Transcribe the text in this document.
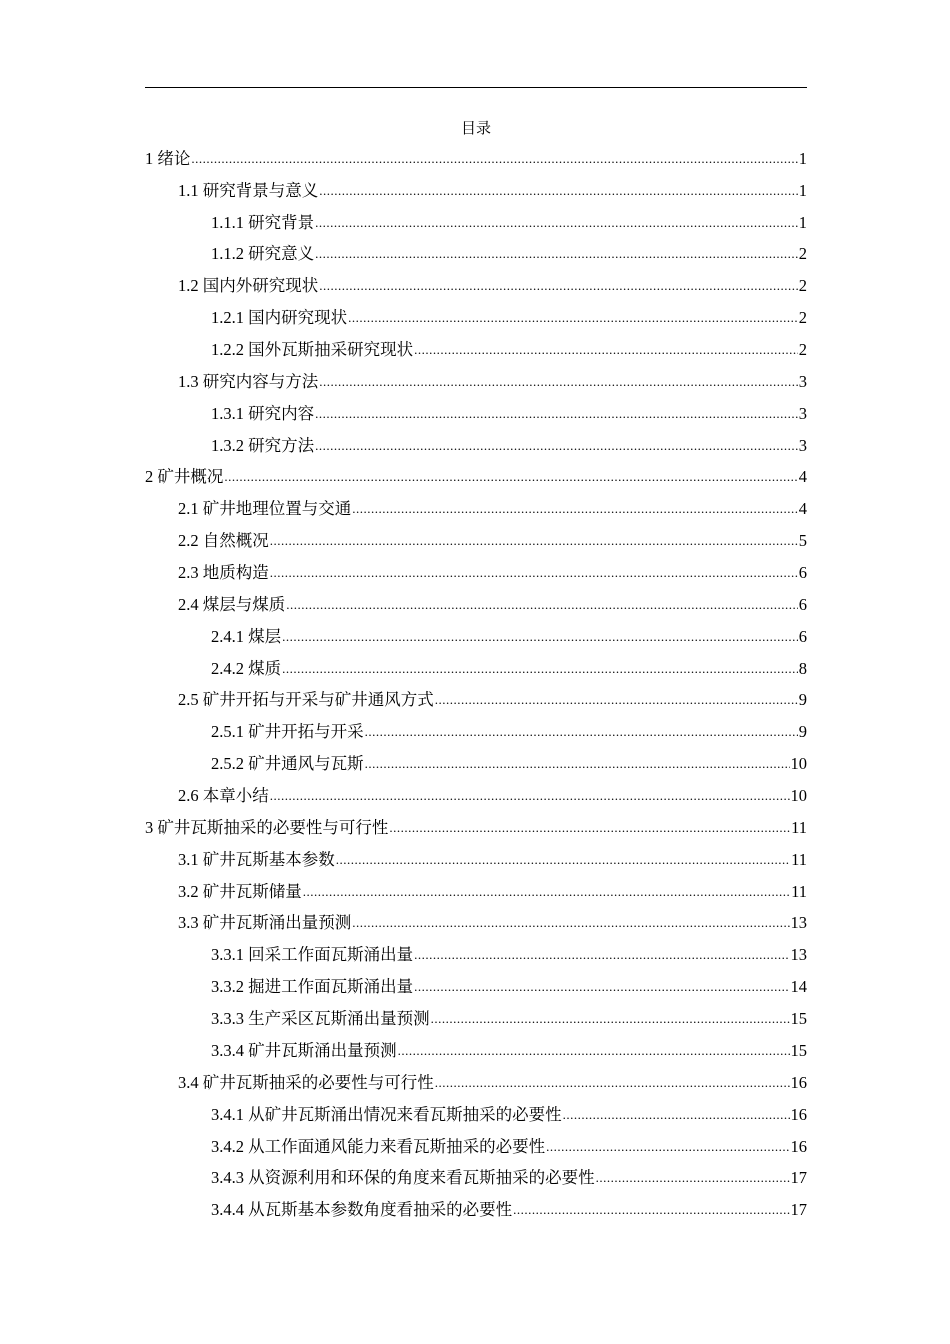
目录
1 绪论 .....	1
1.1 研究背景与意义 .....	1
1.1.1 研究背景 .....	1
1.1.2 研究意义 .....	2
1.2 国内外研究现状 .....	2
1.2.1 国内研究现状 .....	2
1.2.2 国外瓦斯抽采研究现状 .....	2
1.3 研究内容与方法 .....	3
1.3.1 研究内容 .....	3
1.3.2 研究方法 .....	3
2 矿井概况 .....	4
2.1 矿井地理位置与交通 .....	4
2.2 自然概况 .....	5
2.3 地质构造 .....	6
2.4 煤层与煤质 .....	6
2.4.1 煤层 .....	6
2.4.2 煤质 .....	8
2.5 矿井开拓与开采与矿井通风方式 .....	9
2.5.1 矿井开拓与开采 .....	9
2.5.2 矿井通风与瓦斯 .....	10
2.6 本章小结 .....	10
3 矿井瓦斯抽采的必要性与可行性 .....	11
3.1 矿井瓦斯基本参数 .....	11
3.2 矿井瓦斯储量 .....	11
3.3 矿井瓦斯涌出量预测 .....	13
3.3.1 回采工作面瓦斯涌出量 .....	13
3.3.2 掘进工作面瓦斯涌出量 .....	14
3.3.3 生产采区瓦斯涌出量预测 .....	15
3.3.4 矿井瓦斯涌出量预测 .....	15
3.4 矿井瓦斯抽采的必要性与可行性 .....	16
3.4.1 从矿井瓦斯涌出情况来看瓦斯抽采的必要性 .....	16
3.4.2 从工作面通风能力来看瓦斯抽采的必要性 .....	16
3.4.3 从资源利用和环保的角度来看瓦斯抽采的必要性 .....	17
3.4.4 从瓦斯基本参数角度看抽采的必要性 .....	17
